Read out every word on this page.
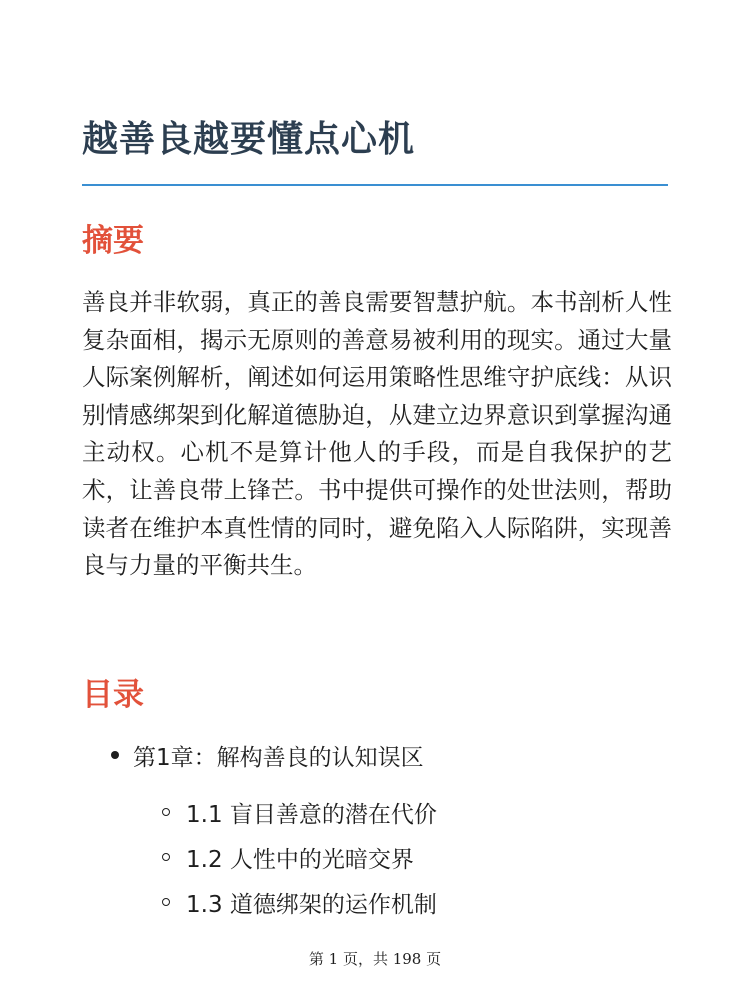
越善良越要懂点心机
摘要

善良并非软弱，真正的善良需要智慧护航。本书剖析人性复杂面相，揭示无原则的善意易被利用的现实。通过大量人际案例解析，阐述如何运用策略性思维守护底线：从识别情感绑架到化解道德胁迫，从建立边界意识到掌握沟通主动权。心机不是算计他人的手段，而是自我保护的艺术，让善良带上锋芒。书中提供可操作的处世法则，帮助读者在维护本真性情的同时，避免陷入人际陷阱，实现善良与力量的平衡共生。

目录
第1章：解构善良的认知误区
1.1 盲目善意的潜在代价
1.2 人性中的光暗交界
1.3 道德绑架的运作机制
第 1 页，共 198 页
